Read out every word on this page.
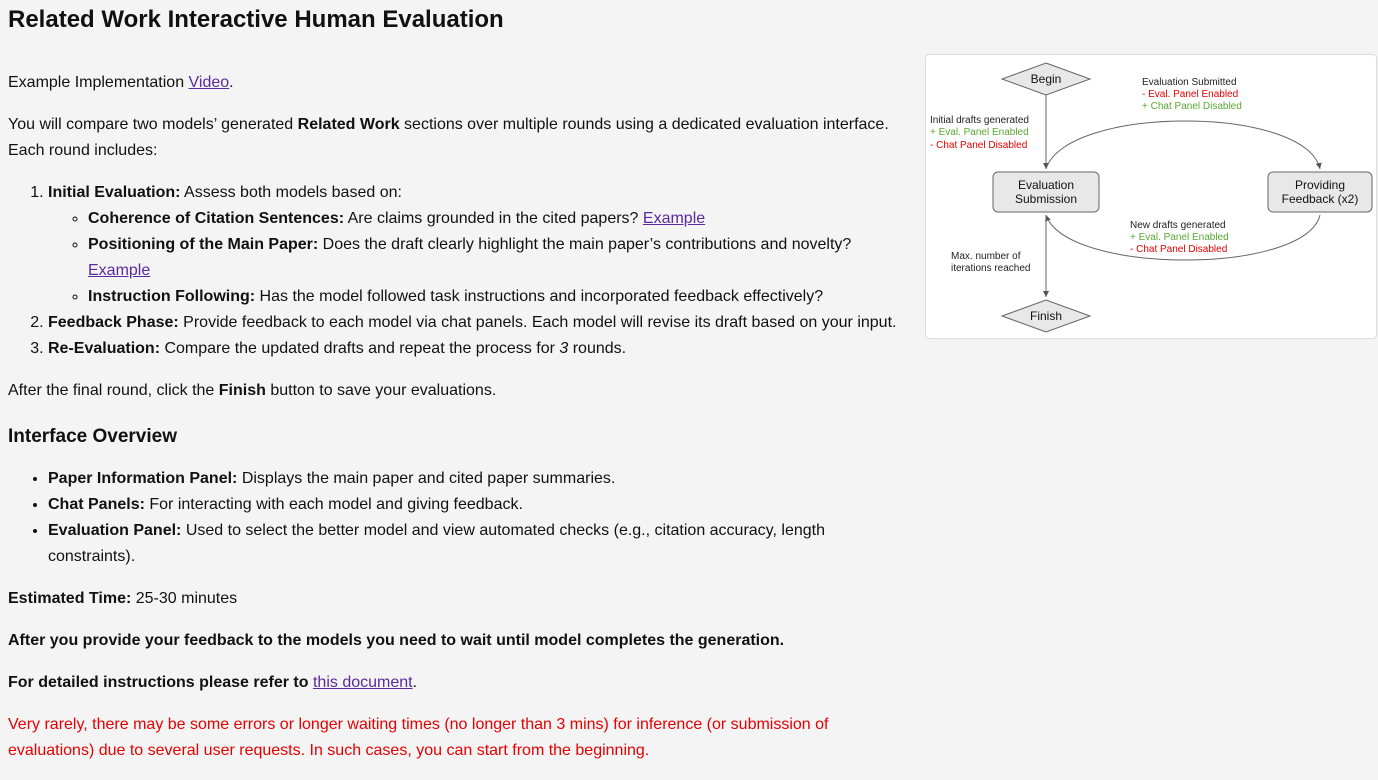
Related Work Interactive Human Evaluation

Example Implementation Video.

You will compare two models’ generated Related Work sections over multiple rounds using a dedicated evaluation interface. Each round includes:

1. Initial Evaluation: Assess both models based on:
◦ Coherence of Citation Sentences: Are claims grounded in the cited papers? Example
◦ Positioning of the Main Paper: Does the draft clearly highlight the main paper’s contributions and novelty? Example
◦ Instruction Following: Has the model followed task instructions and incorporated feedback effectively?
2. Feedback Phase: Provide feedback to each model via chat panels. Each model will revise its draft based on your input.
3. Re-Evaluation: Compare the updated drafts and repeat the process for 3 rounds.

After the final round, click the Finish button to save your evaluations.

Interface Overview
• Paper Information Panel: Displays the main paper and cited paper summaries.
• Chat Panels: For interacting with each model and giving feedback.
• Evaluation Panel: Used to select the better model and view automated checks (e.g., citation accuracy, length constraints).

Estimated Time: 25-30 minutes

After you provide your feedback to the models you need to wait until model completes the generation.

For detailed instructions please refer to this document.

Very rarely, there may be some errors or longer waiting times (no longer than 3 mins) for inference (or submission of evaluations) due to several user requests. In such cases, you can start from the beginning.

Begin
Evaluation
Submission
Providing
Feedback (x2)
Finish
Initial drafts generated
+ Eval. Panel Enabled
- Chat Panel Disabled
Evaluation Submitted
- Eval. Panel Enabled
+ Chat Panel Disabled
New drafts generated
+ Eval. Panel Enabled
- Chat Panel Disabled
Max. number of
iterations reached
